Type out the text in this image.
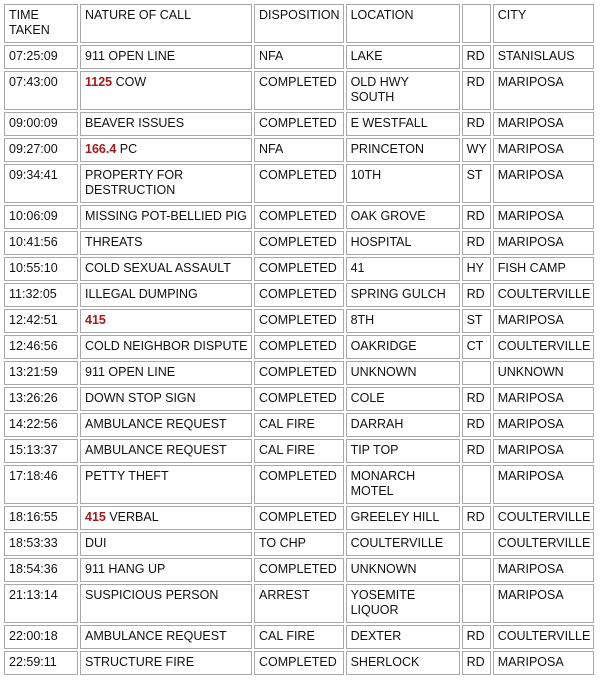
TIME TAKEN	NATURE OF CALL	DISPOSITION	LOCATION		CITY
07:25:09	911 OPEN LINE	NFA	LAKE	RD	STANISLAUS
07:43:00	1125 COW	COMPLETED	OLD HWY SOUTH	RD	MARIPOSA
09:00:09	BEAVER ISSUES	COMPLETED	E WESTFALL	RD	MARIPOSA
09:27:00	166.4 PC	NFA	PRINCETON	WY	MARIPOSA
09:34:41	PROPERTY FOR DESTRUCTION	COMPLETED	10TH	ST	MARIPOSA
10:06:09	MISSING POT-BELLIED PIG	COMPLETED	OAK GROVE	RD	MARIPOSA
10:41:56	THREATS	COMPLETED	HOSPITAL	RD	MARIPOSA
10:55:10	COLD SEXUAL ASSAULT	COMPLETED	41	HY	FISH CAMP
11:32:05	ILLEGAL DUMPING	COMPLETED	SPRING GULCH	RD	COULTERVILLE
12:42:51	415	COMPLETED	8TH	ST	MARIPOSA
12:46:56	COLD NEIGHBOR DISPUTE	COMPLETED	OAKRIDGE	CT	COULTERVILLE
13:21:59	911 OPEN LINE	COMPLETED	UNKNOWN		UNKNOWN
13:26:26	DOWN STOP SIGN	COMPLETED	COLE	RD	MARIPOSA
14:22:56	AMBULANCE REQUEST	CAL FIRE	DARRAH	RD	MARIPOSA
15:13:37	AMBULANCE REQUEST	CAL FIRE	TIP TOP	RD	MARIPOSA
17:18:46	PETTY THEFT	COMPLETED	MONARCH MOTEL		MARIPOSA
18:16:55	415 VERBAL	COMPLETED	GREELEY HILL	RD	COULTERVILLE
18:53:33	DUI	TO CHP	COULTERVILLE		COULTERVILLE
18:54:36	911 HANG UP	COMPLETED	UNKNOWN		MARIPOSA
21:13:14	SUSPICIOUS PERSON	ARREST	YOSEMITE LIQUOR		MARIPOSA
22:00:18	AMBULANCE REQUEST	CAL FIRE	DEXTER	RD	COULTERVILLE
22:59:11	STRUCTURE FIRE	COMPLETED	SHERLOCK	RD	MARIPOSA
